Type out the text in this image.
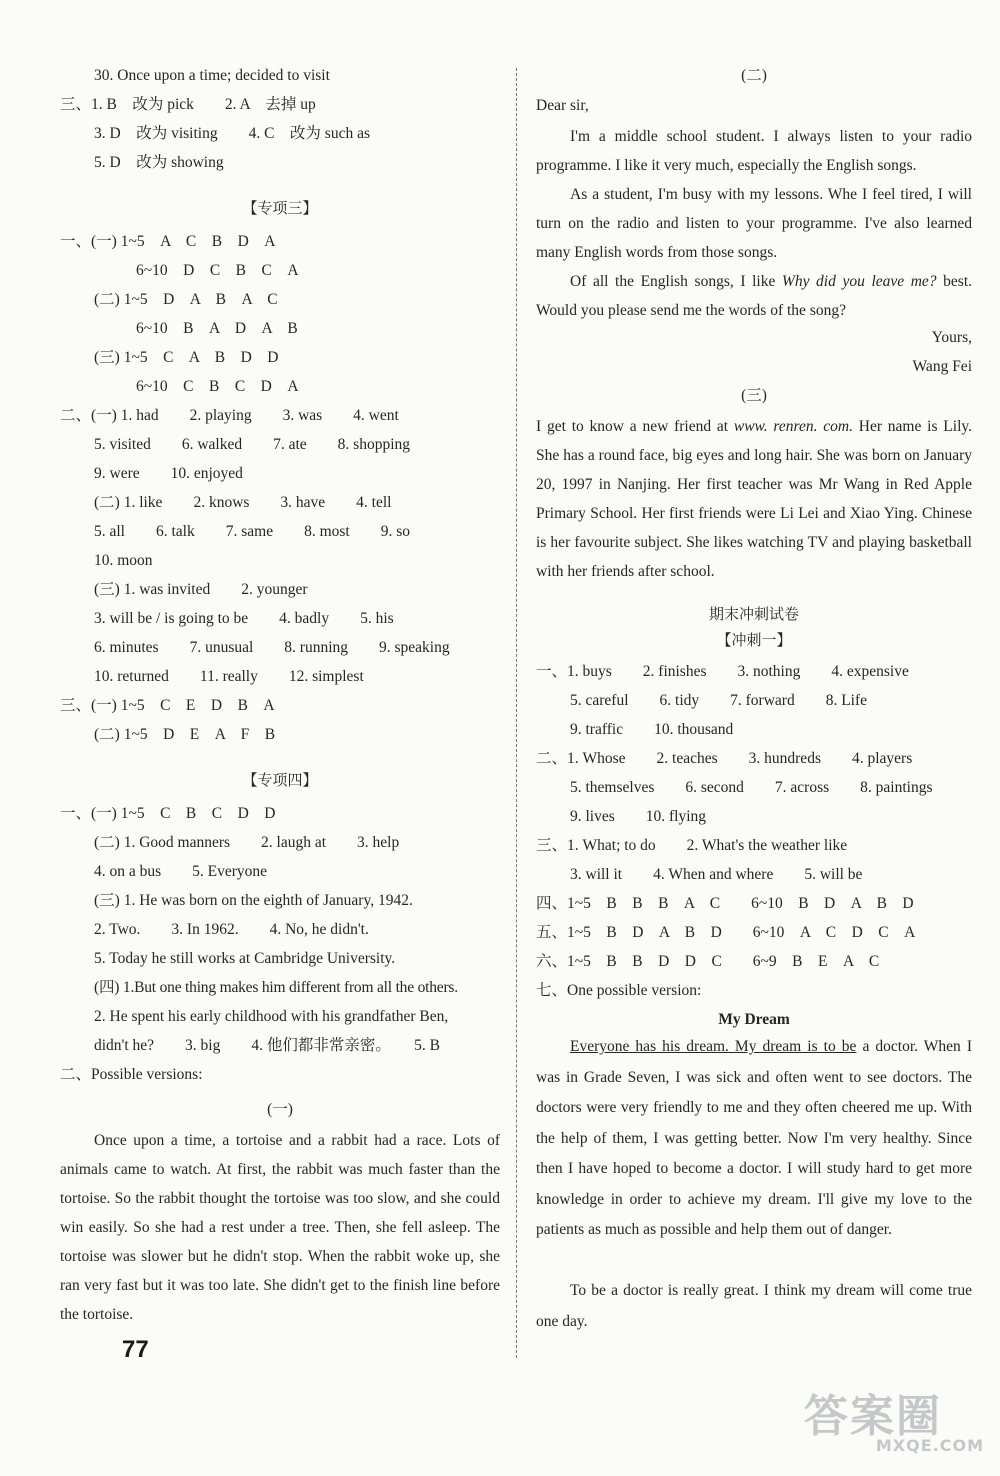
30. Once upon a time; decided to visit
三、1. B　改为 pick　　2. A　去掉 up
3. D　改为 visiting　　4. C　改为 such as
5. D　改为 showing
【专项三】
一、(一) 1~5　A　C　B　D　A
6~10　D　C　B　C　A
(二) 1~5　D　A　B　A　C
6~10　B　A　D　A　B
(三) 1~5　C　A　B　D　D
6~10　C　B　C　D　A
二、(一) 1. had　　2. playing　　3. was　　4. went
5. visited　　6. walked　　7. ate　　8. shopping
9. were　　10. enjoyed
(二) 1. like　　2. knows　　3. have　　4. tell
5. all　　6. talk　　7. same　　8. most　　9. so
10. moon
(三) 1. was invited　　2. younger
3. will be / is going to be　　4. badly　　5. his
6. minutes　　7. unusual　　8. running　　9. speaking
10. returned　　11. really　　12. simplest
三、(一) 1~5　C　E　D　B　A
(二) 1~5　D　E　A　F　B
【专项四】
一、(一) 1~5　C　B　C　D　D
(二) 1. Good manners　　2. laugh at　　3. help
4. on a bus　　5. Everyone
(三) 1. He was born on the eighth of January, 1942.
2. Two.　　3. In 1962.　　4. No, he didn't.
5. Today he still works at Cambridge University.
(四) 1.But one thing makes him different from all the others.
2. He spent his early childhood with his grandfather Ben,
didn't he?　　3. big　　4. 他们都非常亲密。　　5. B
二、Possible versions:
(一)
Once upon a time, a tortoise and a rabbit had a race. Lots of animals came to watch. At first, the rabbit was much faster than the tortoise. So the rabbit thought the tortoise was too slow, and she could win easily. So she had a rest under a tree. Then, she fell asleep. The tortoise was slower but he didn't stop. When the rabbit woke up, she ran very fast but it was too late. She didn't get to the finish line before the tortoise.
(二)
Dear sir,
I'm a middle school student. I always listen to your radio programme. I like it very much, especially the English songs.
As a student, I'm busy with my lessons. Whe I feel tired, I will turn on the radio and listen to your programme. I've also learned many English words from those songs.
Of all the English songs, I like Why did you leave me? best. Would you please send me the words of the song?
Yours,
Wang Fei
(三)
I get to know a new friend at www. renren. com. Her name is Lily. She has a round face, big eyes and long hair. She was born on January 20, 1997 in Nanjing. Her first teacher was Mr Wang in Red Apple Primary School. Her first friends were Li Lei and Xiao Ying. Chinese is her favourite subject. She likes watching TV and playing basketball with her friends after school.
期末冲刺试卷
【冲刺一】
一、1. buys　　2. finishes　　3. nothing　　4. expensive
5. careful　　6. tidy　　7. forward　　8. Life
9. traffic　　10. thousand
二、1. Whose　　2. teaches　　3. hundreds　　4. players
5. themselves　　6. second　　7. across　　8. paintings
9. lives　　10. flying
三、1. What; to do　　2. What's the weather like
3. will it　　4. When and where　　5. will be
四、1~5　B　B　B　A　C　　6~10　B　D　A　B　D
五、1~5　B　D　A　B　D　　6~10　A　C　D　C　A
六、1~5　B　B　D　D　C　　6~9　B　E　A　C
七、One possible version:
My Dream
Everyone has his dream. My dream is to be a doctor. When I was in Grade Seven, I was sick and often went to see doctors. The doctors were very friendly to me and they often cheered me up. With the help of them, I was getting better. Now I'm very healthy. Since then I have hoped to become a doctor. I will study hard to get more knowledge in order to achieve my dream. I'll give my love to the patients as much as possible and help them out of danger.
To be a doctor is really great. I think my dream will come true one day.
77
答案圈
MXQE.COM
